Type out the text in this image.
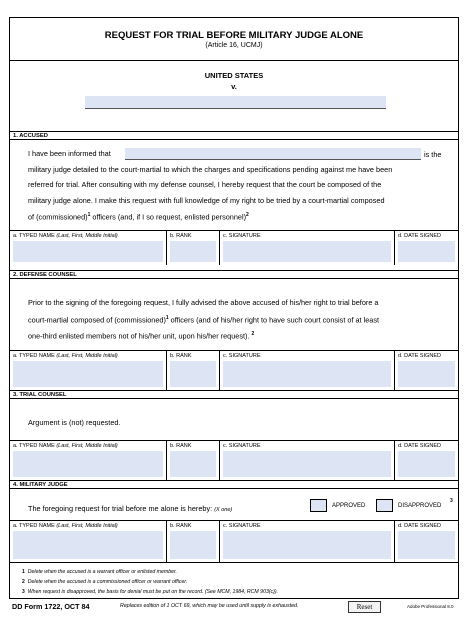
REQUEST FOR TRIAL BEFORE MILITARY JUDGE ALONE
(Article 16, UCMJ)
UNITED STATES
v.
1. ACCUSED
I have been informed that
military judge detailed to the court-martial to which the charges and specifications pending against me have been
referred for trial. After consulting with my defense counsel, I hereby request that the court be composed of the
military judge alone. I make this request with full knowledge of my right to be tried by a court-martial composed
of (commissioned)$^1$ officers (and, if I so request, enlisted personnel)$^2$
is the
a. TYPED NAME (Last, First, Middle Initial)	b. RANK	c. SIGNATURE	d. DATE SIGNED
2. DEFENSE COUNSEL
Prior to the signing of the foregoing request, I fully advised the above accused of his/her right to trial before a
court-martial composed of (commissioned)$^1$ officers (and of his/her right to have such court consist of at least
one-third enlisted members not of his/her unit, upon his/her request). $^2$
a. TYPED NAME (Last, First, Middle Initial)	b. RANK	c. SIGNATURE	d. DATE SIGNED
3. TRIAL COUNSEL
Argument is (not) requested.
a. TYPED NAME (Last, First, Middle Initial)	b. RANK	c. SIGNATURE	d. DATE SIGNED
4. MILITARY JUDGE
The foregoing request for trial before me alone is hereby: (X one)
APPROVED	DISAPPROVED
3
a. TYPED NAME (Last, First, Middle Initial)	b. RANK	c. SIGNATURE	d. DATE SIGNED
1 Delete when the accused is a warrant officer or enlisted member.
2 Delete when the accused is a commissioned officer or warrant officer.
3 When request is disapproved, the basis for denial must be put on the record. (See MCM, 1984, RCM 903(c)).
DD Form 1722, OCT 84	Replaces edition of 1 OCT 69, which may be used until supply is exhausted.	Reset	Adobe Professional 8.0
